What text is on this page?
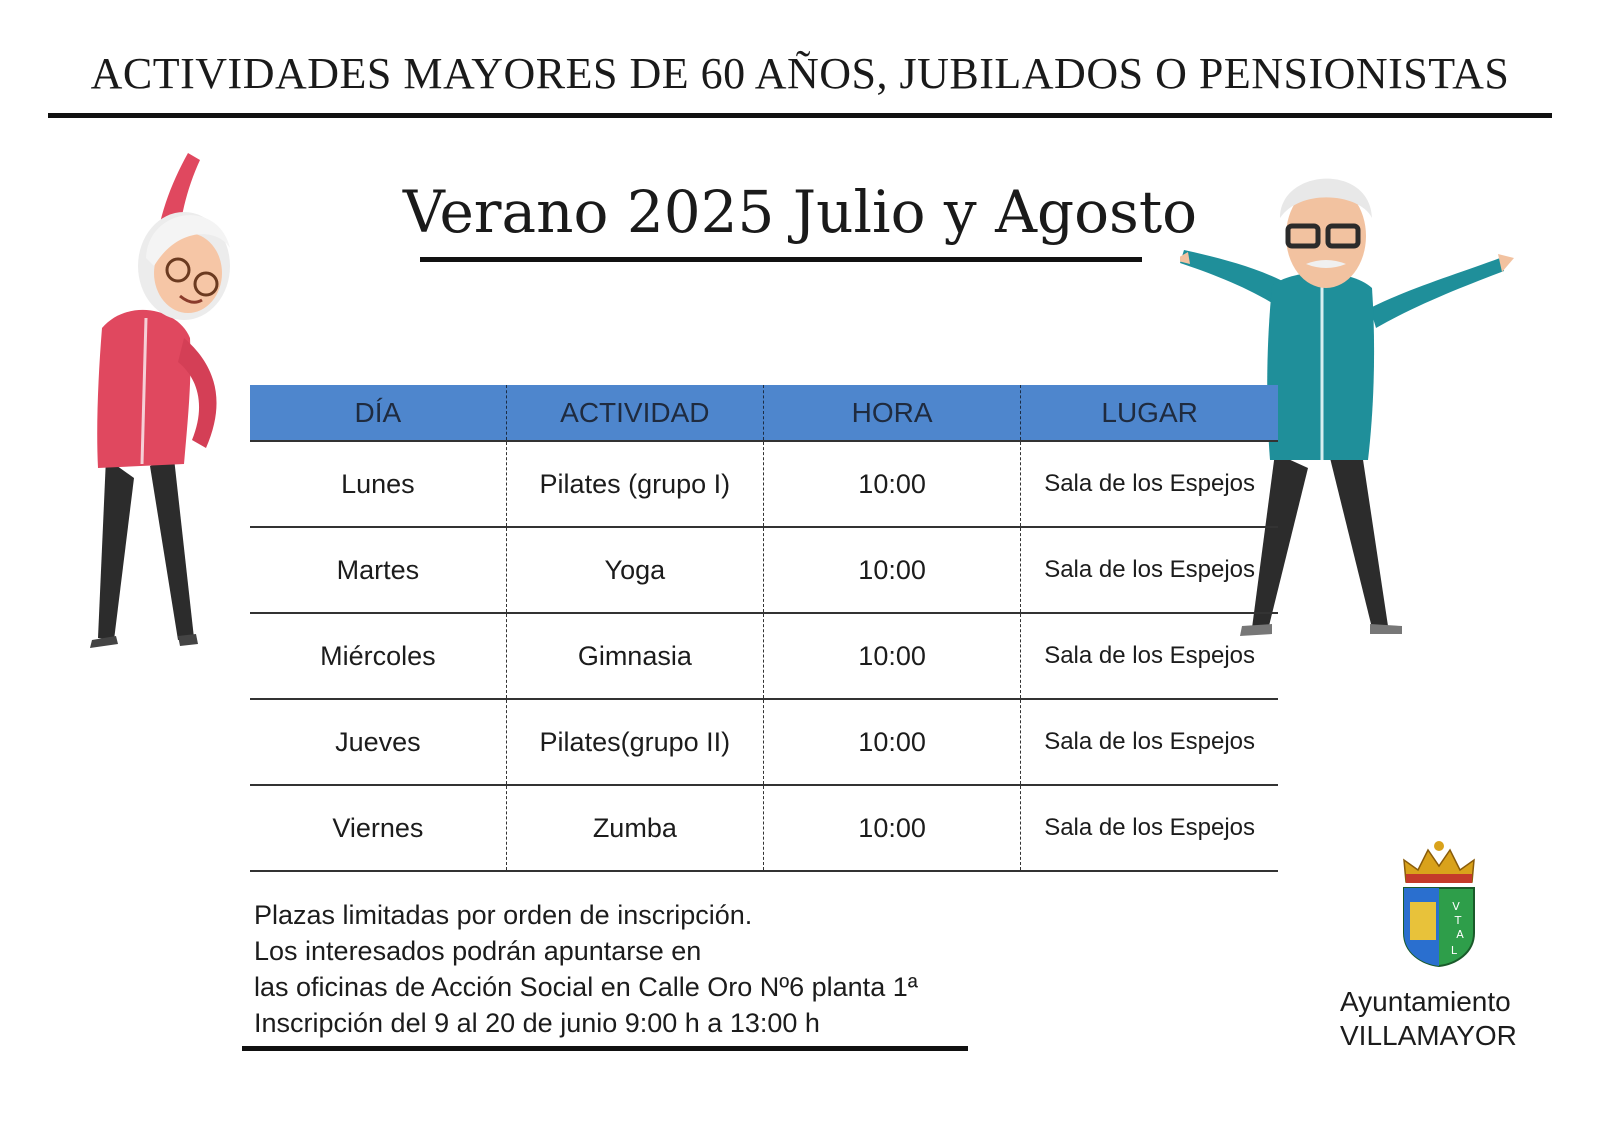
ACTIVIDADES MAYORES DE 60 AÑOS, JUBILADOS O PENSIONISTAS
Verano 2025 Julio y Agosto
DÍA	ACTIVIDAD	HORA	LUGAR
Lunes	Pilates (grupo I)	10:00	Sala de los Espejos
Martes	Yoga	10:00	Sala de los Espejos
Miércoles	Gimnasia	10:00	Sala de los Espejos
Jueves	Pilates(grupo II)	10:00	Sala de los Espejos
Viernes	Zumba	10:00	Sala de los Espejos
Plazas limitadas por orden de inscripción.
Los interesados podrán apuntarse en
las oficinas de Acción Social en Calle Oro Nº6 planta 1ª
Inscripción del 9 al 20 de junio 9:00 h a 13:00 h
V
T
A
L
Ayuntamiento
VILLAMAYOR
